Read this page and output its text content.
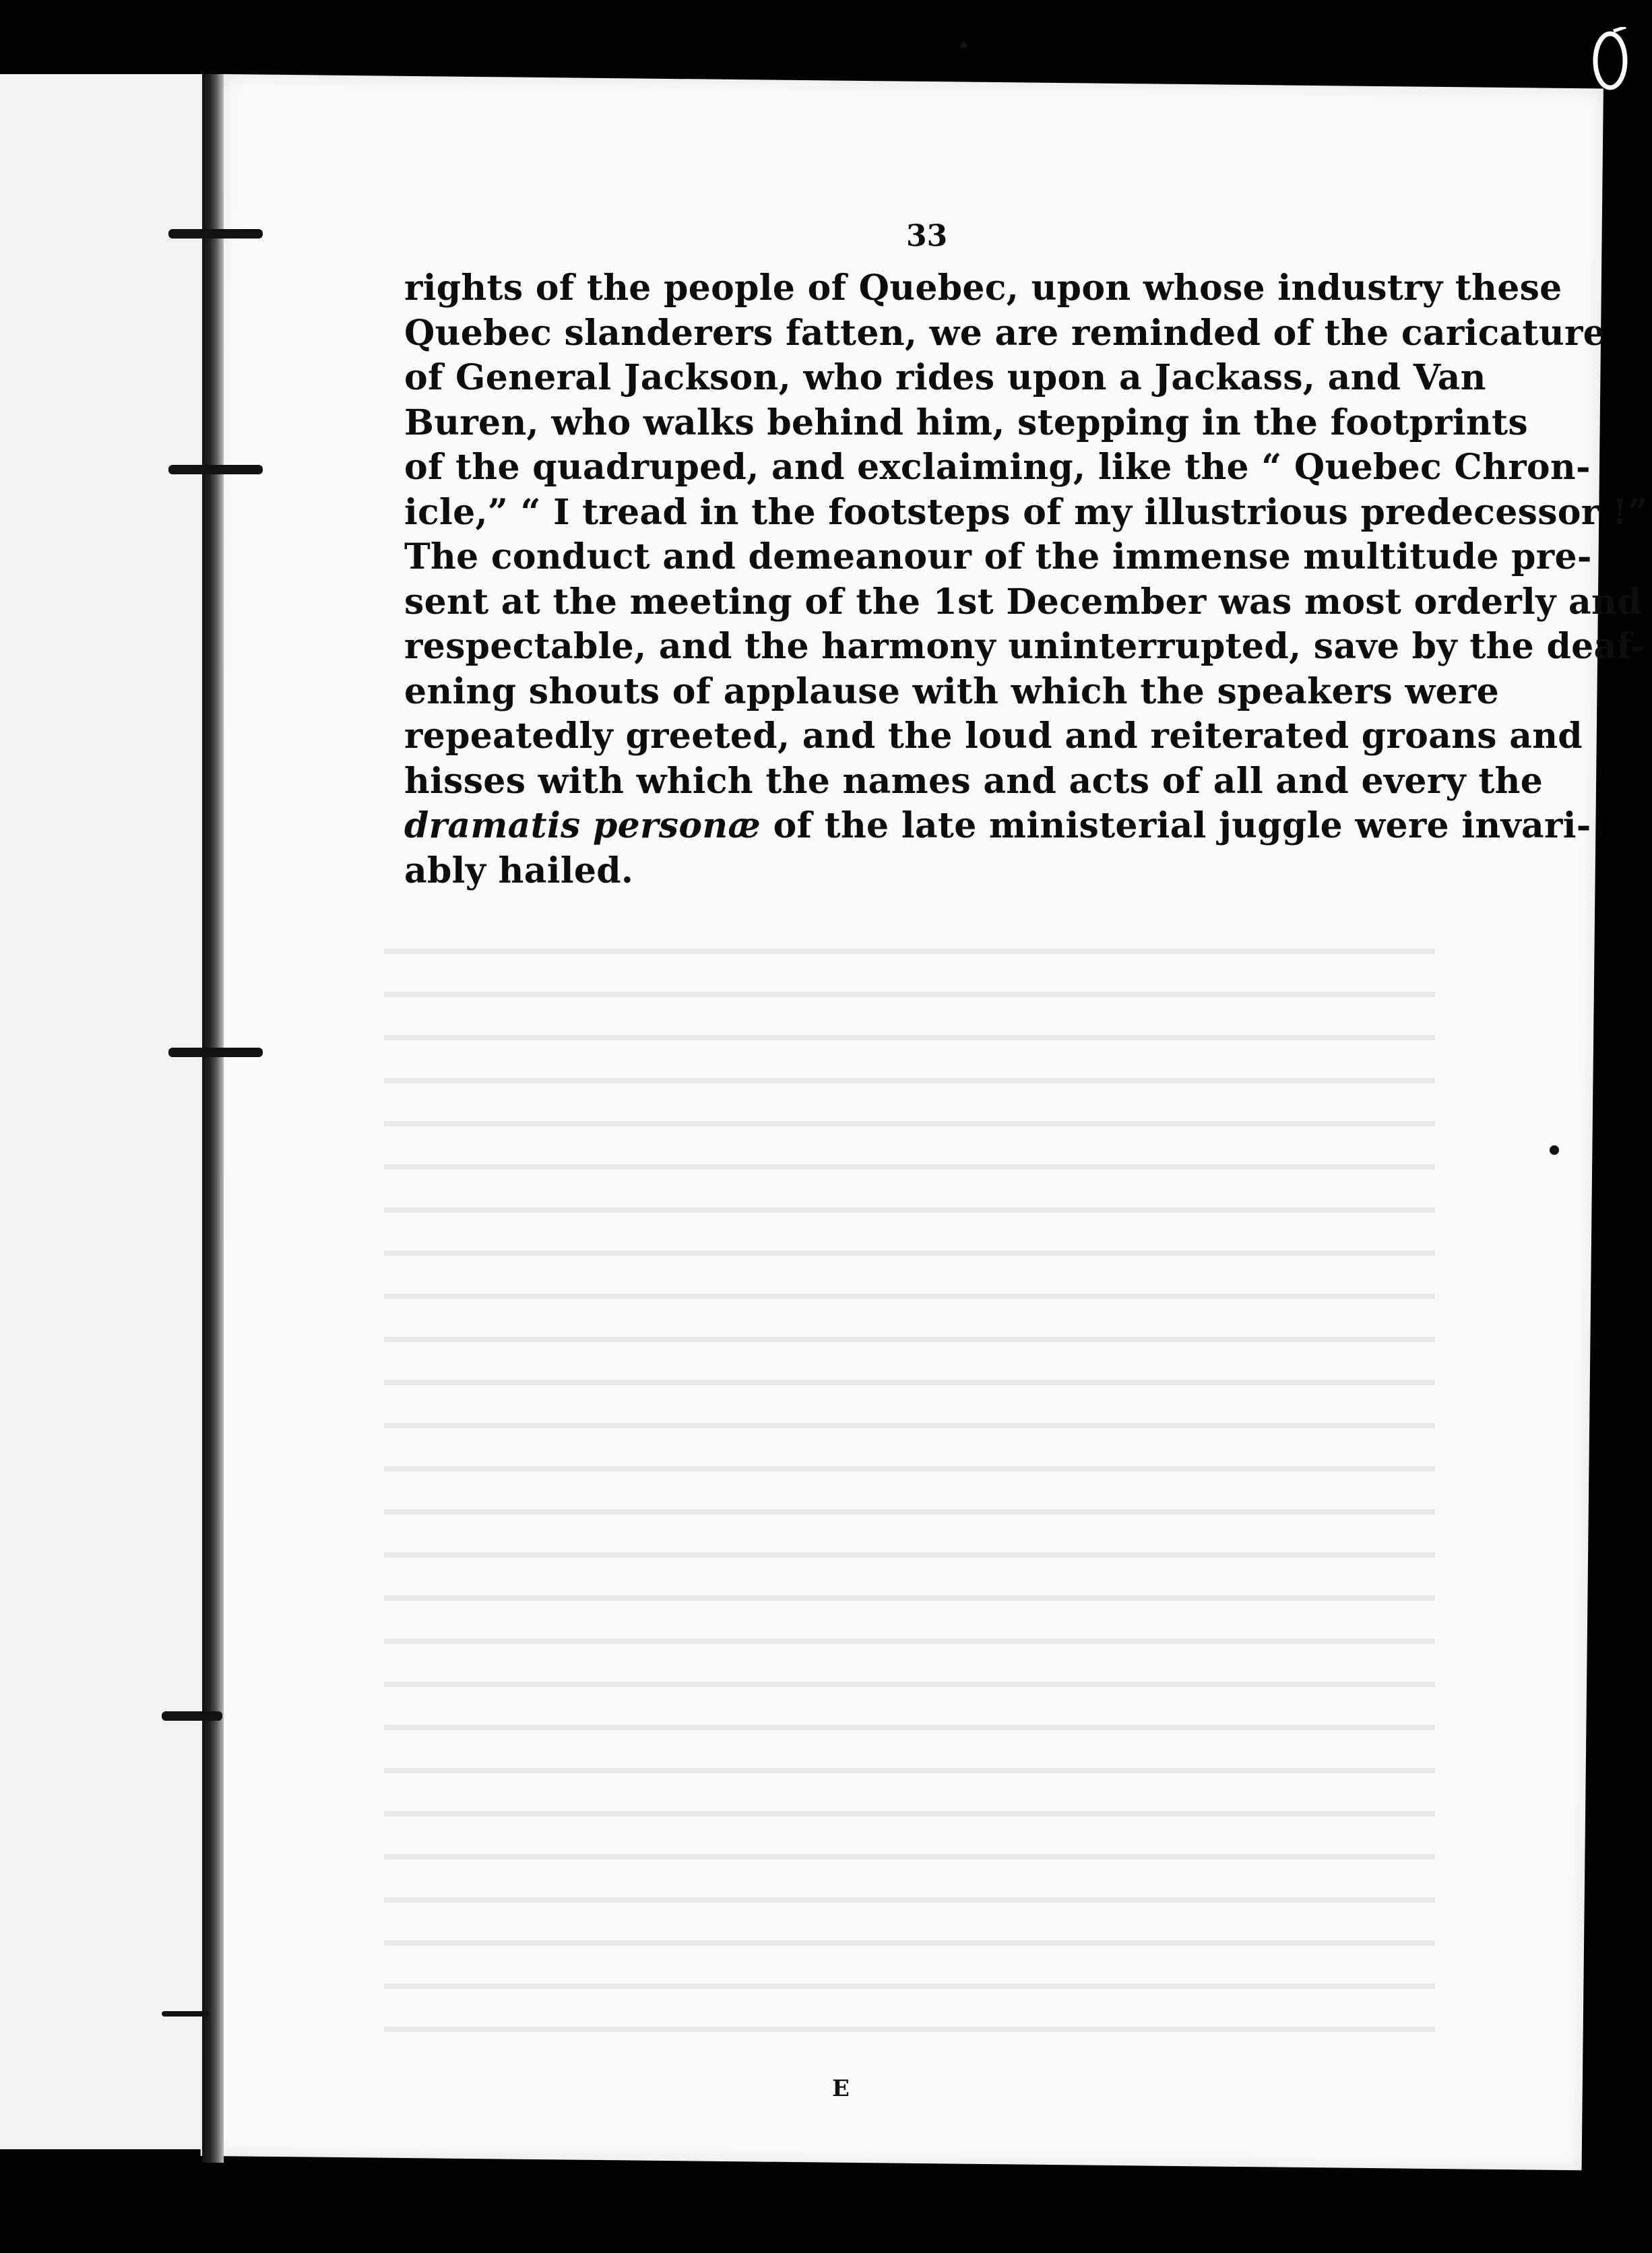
33
rights of the people of Quebec, upon whose industry these
Quebec slanderers fatten, we are reminded of the caricature
of General Jackson, who rides upon a Jackass, and Van
Buren, who walks behind him, stepping in the footprints
of the quadruped, and exclaiming, like the “ Quebec Chron-
icle,” “ I tread in the footsteps of my illustrious predecessor !”
The conduct and demeanour of the immense multitude pre-
sent at the meeting of the 1st December was most orderly and
respectable, and the harmony uninterrupted, save by the deaf-
ening shouts of applause with which the speakers were
repeatedly greeted, and the loud and reiterated groans and
hisses with which the names and acts of all and every the
dramatis personæ of the late ministerial juggle were invari-
ably hailed.
E
